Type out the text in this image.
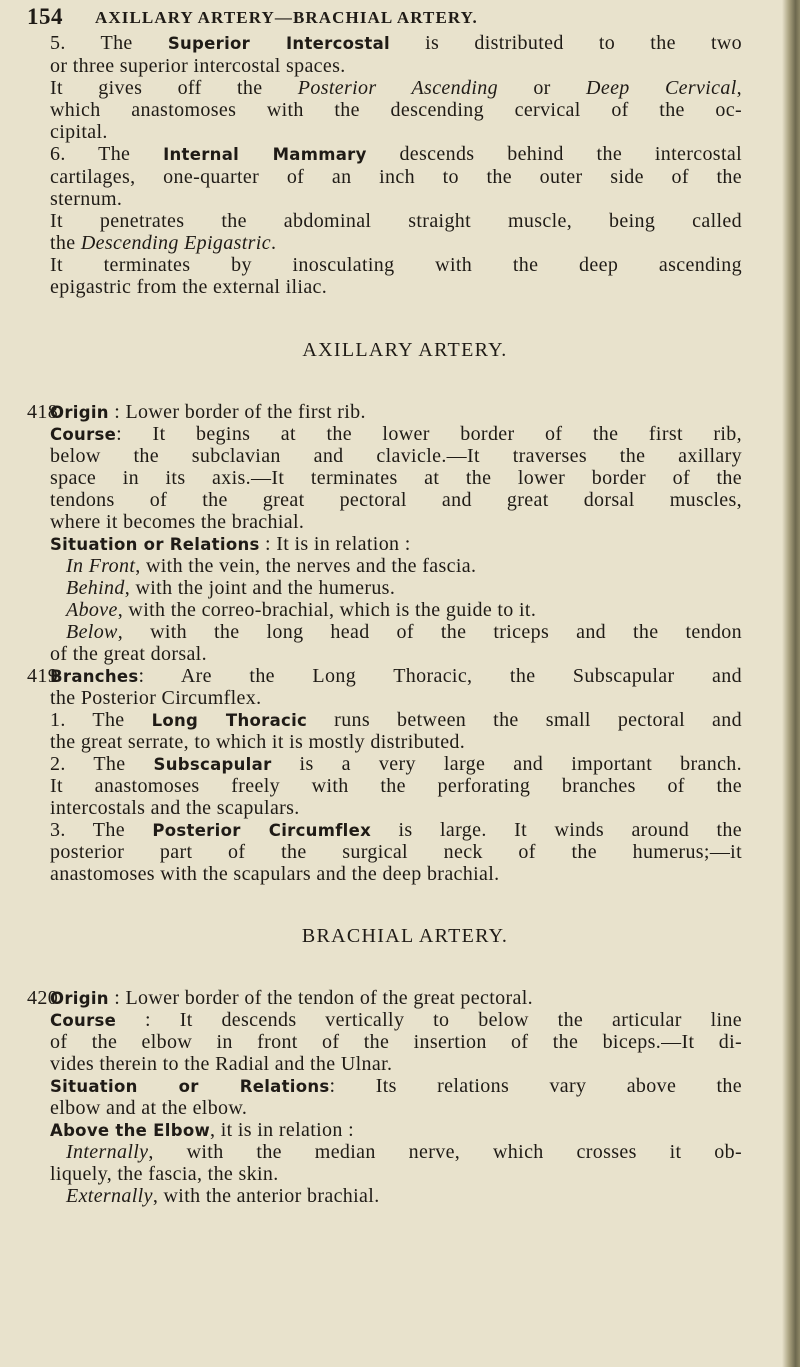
154 AXILLARY ARTERY—BRACHIAL ARTERY.
AXILLARY ARTERY.
BRACHIAL ARTERY.
5. The Superior Intercostal is distributed to the two
or three superior intercostal spaces.
It gives off the Posterior Ascending or Deep Cervical,
which anastomoses with the descending cervical of the oc-
cipital.
6. The Internal Mammary descends behind the intercostal
cartilages, one-quarter of an inch to the outer side of the
sternum.
It penetrates the abdominal straight muscle, being called
the Descending Epigastric.
It terminates by inosculating with the deep ascending
epigastric from the external iliac.
418
Origin : Lower border of the first rib.
Course: It begins at the lower border of the first rib,
below the subclavian and clavicle.—It traverses the axillary
space in its axis.—It terminates at the lower border of the
tendons of the great pectoral and great dorsal muscles,
where it becomes the brachial.
Situation or Relations : It is in relation :
In Front, with the vein, the nerves and the fascia.
Behind, with the joint and the humerus.
Above, with the correo-brachial, which is the guide to it.
Below, with the long head of the triceps and the tendon
of the great dorsal.
419
Branches: Are the Long Thoracic, the Subscapular and
the Posterior Circumflex.
1. The Long Thoracic runs between the small pectoral and
the great serrate, to which it is mostly distributed.
2. The Subscapular is a very large and important branch.
It anastomoses freely with the perforating branches of the
intercostals and the scapulars.
3. The Posterior Circumflex is large. It winds around the
posterior part of the surgical neck of the humerus;—it
anastomoses with the scapulars and the deep brachial.
420
Origin : Lower border of the tendon of the great pectoral.
Course : It descends vertically to below the articular line
of the elbow in front of the insertion of the biceps.—It di-
vides therein to the Radial and the Ulnar.
Situation or Relations: Its relations vary above the
elbow and at the elbow.
Above the Elbow, it is in relation :
Internally, with the median nerve, which crosses it ob-
liquely, the fascia, the skin.
Externally, with the anterior brachial.
